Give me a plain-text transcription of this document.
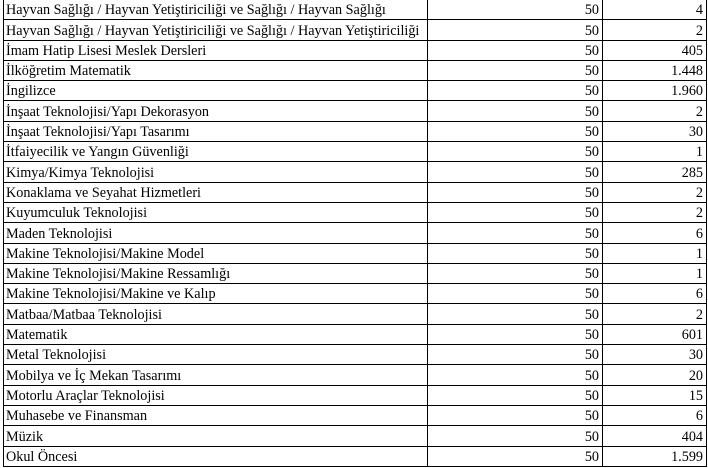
Hayvan Sağlığı / Hayvan Yetiştiriciliği ve Sağlığı / Hayvan Sağlığı	50	4
Hayvan Sağlığı / Hayvan Yetiştiriciliği ve Sağlığı / Hayvan Yetiştiriciliği	50	2
İmam Hatip Lisesi Meslek Dersleri	50	405
İlköğretim Matematik	50	1.448
İngilizce	50	1.960
İnşaat Teknolojisi/Yapı Dekorasyon	50	2
İnşaat Teknolojisi/Yapı Tasarımı	50	30
İtfaiyecilik ve Yangın Güvenliği	50	1
Kimya/Kimya Teknolojisi	50	285
Konaklama ve Seyahat Hizmetleri	50	2
Kuyumculuk Teknolojisi	50	2
Maden Teknolojisi	50	6
Makine Teknolojisi/Makine Model	50	1
Makine Teknolojisi/Makine Ressamlığı	50	1
Makine Teknolojisi/Makine ve Kalıp	50	6
Matbaa/Matbaa Teknolojisi	50	2
Matematik	50	601
Metal Teknolojisi	50	30
Mobilya ve İç Mekan Tasarımı	50	20
Motorlu Araçlar Teknolojisi	50	15
Muhasebe ve Finansman	50	6
Müzik	50	404
Okul Öncesi	50	1.599
